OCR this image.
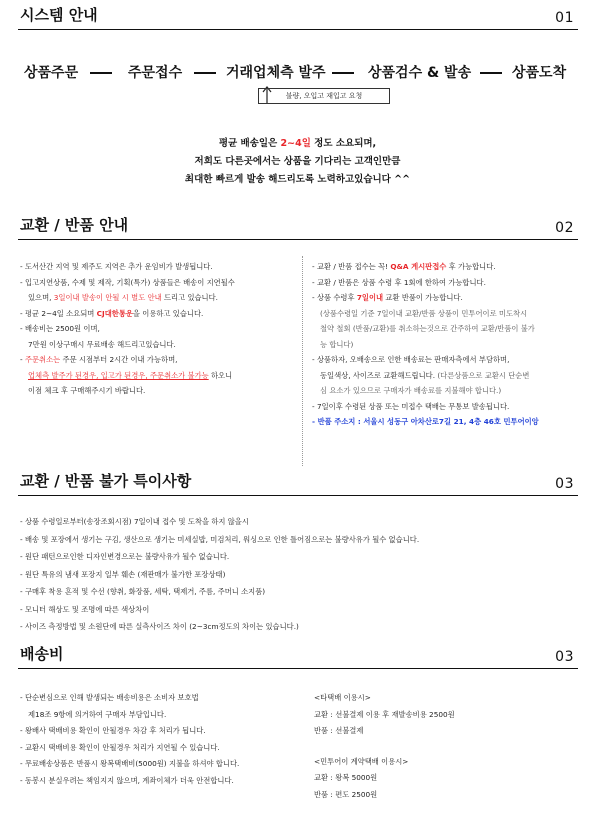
시스템 안내	01
상품주문	주문접수	거래업체측 발주	상품검수 & 발송	상품도착
불량, 오입고 재입고 요청
평균 배송일은 2~4일 정도 소요되며,
저희도 다른곳에서는 상품을 기다리는 고객인만큼
최대한 빠르게 발송 해드리도록 노력하고있습니다 ^^
교환 / 반품 안내	02
- 도서산간 지역 및 제주도 지역은 추가 운임비가 발생됩니다.
- 입고지연상품, 수제 및 제작, 기획(특가) 상품들은 배송이 지연될수
있으며, 3일이내 발송이 안될 시 별도 안내 드리고 있습니다.
- 평균 2~4일 소요되며 CJ대한통운을 이용하고 있습니다.
- 배송비는 2500원 이며,
7만원 이상구매시 무료배송 해드리고있습니다.
- 주문취소는 주문 시점부터 2시간 이내 가능하며,
업체측 발주가 된경우, 입고가 된경우, 주문취소가 불가능 하오니
이점 체크 후 구매해주시기 바랍니다.
- 교환 / 반품 접수는 꼭! Q&A 게시판접수 후 가능합니다.
- 교환 / 반품은 상품 수령 후 1회에 한하여 가능합니다.
- 상품 수령후 7일이내 교환 반품이 가능합니다.
(상품수령일 기준 7일이내 교환/반품 상품이 민투어이로 미도착시
철약 철회 (반품/교환)를 취소하는것으로 간주하여 교환/반품이 불가
능 합니다)
- 상품하자, 오배송으로 인한 배송료는 판매자측에서 부담하며,
동일색상, 사이즈로 교환해드립니다. (다른상품으로 교환시 단순변
심 요소가 있으므로 구매자가 배송료를 지불해야 합니다.)
- 7일이후 수령된 상품 또는 미접수 택배는 무통보 발송됩니다.
- 반품 주소지 : 서울시 성동구 아차산로7길 21, 4층 46호 민투어이앙
교환 / 반품 불가 특이사항	03
- 상품 수령일로부터(송장조회시점) 7일이내 접수 및 도착을 하지 않을시
- 배송 및 포장에서 생기는 구김, 생산으로 생기는 미세실밥, 미검처리, 워싱으로 인한 틀어짐으로는 불량사유가 될수 없습니다.
- 원단 패턴으로인한 디자인변경으로는 불량사유가 될수 없습니다.
- 원단 특유의 냄새 포장지 일부 훼손 (재판매가 불가한 포장상태)
- 구매후 착용 흔적 및 수선 (향취, 화장품, 세탁, 택제거, 주름, 주머니 소지품)
- 모니터 해상도 및 조명에 따른 색상차이
- 사이즈 측정방법 및 소원단에 따른 실측사이즈 차이 (2~3cm정도의 차이는 있습니다.)
배송비	03
- 단순변심으로 인해 발생되는 배송비용은 소비자 보호법
제18조 9항에 의거하여 구매자 부담입니다.
- 왕배사 택배비용 확인이 안될경우 차감 후 처리가 됩니다.
- 교환시 택배비용 확인이 안될경우 처리가 지연될 수 있습니다.
- 무료배송상품은 반품시 왕복택배비(5000원) 지불을 하셔야 합니다.
- 동봉시 분실우려는 책임지지 않으며, 계좌이체가 더욱 안전합니다.
<타택배 이용시>
교환 : 선불결제 이용 후 재발송비용 2500원
반품 : 선불결제
<민투어이 계약택배 이용시>
교환 : 왕복 5000원
반품 : 편도 2500원
